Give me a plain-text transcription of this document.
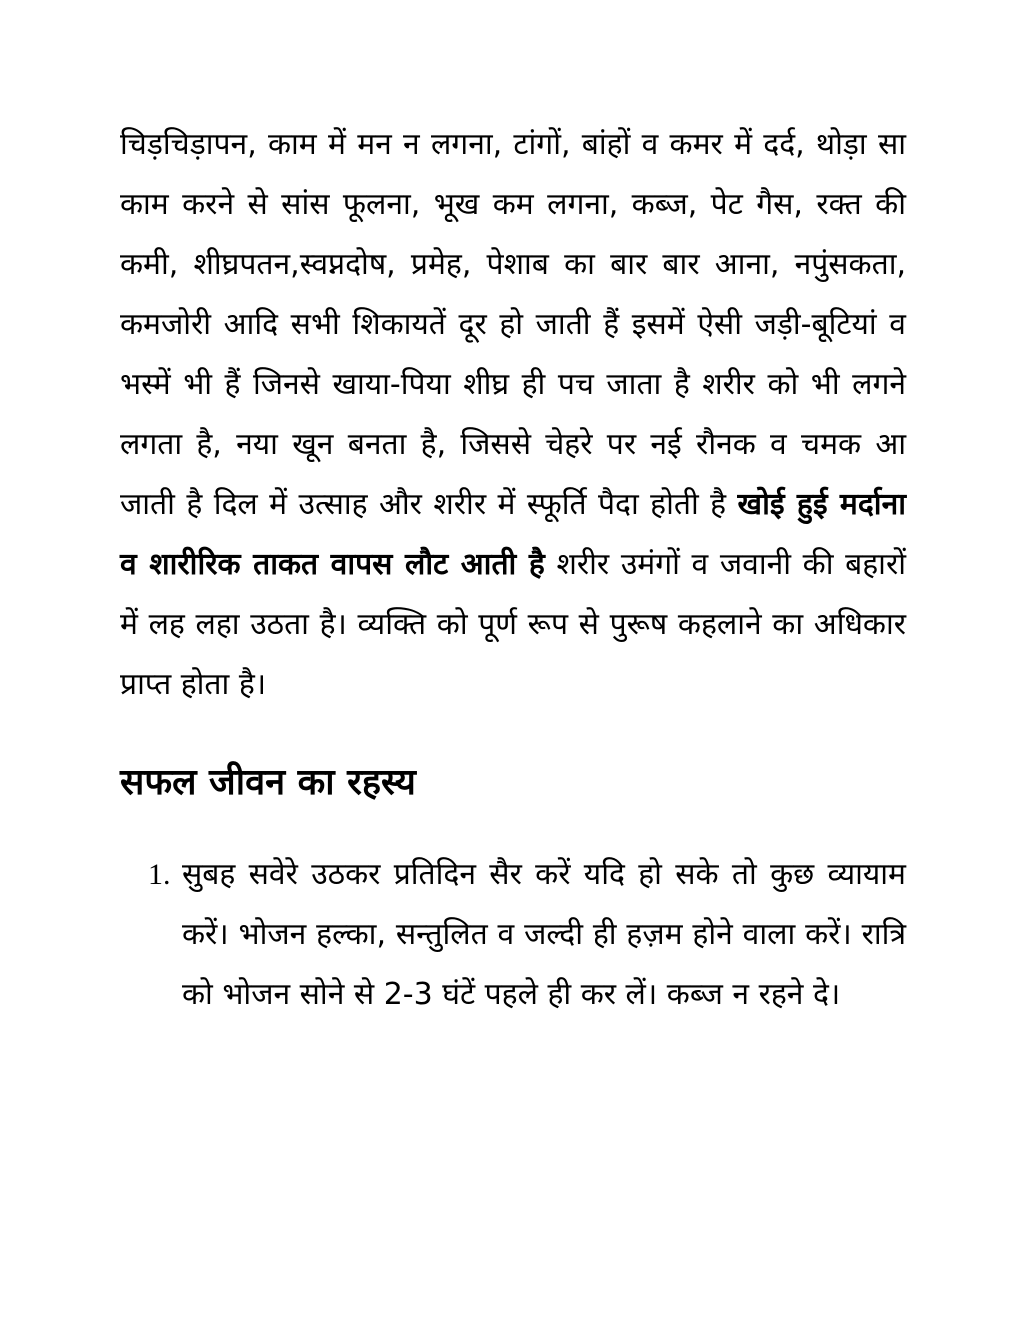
चिड़चिड़ापन, काम में मन न लगना, टांगों, बांहों व कमर में दर्द, थोड़ा सा काम करने से सांस फूलना, भूख कम लगना, कब्ज, पेट गैस, रक्त की कमी, शीघ्रपतन,स्वप्नदोष, प्रमेह, पेशाब का बार बार आना, नपुंसकता, कमजोरी आदि सभी शिकायतें दूर हो जाती हैं इसमें ऐसी जड़ी-बूटियां व भस्में भी हैं जिनसे खाया-पिया शीघ्र ही पच जाता है शरीर को भी लगने लगता है, नया खून बनता है, जिससे चेहरे पर नई रौनक व चमक आ जाती है दिल में उत्साह और शरीर में स्फूर्ति पैदा होती है खोई हुई मर्दाना व शारीरिक ताकत वापस लौट आती है शरीर उमंगों व जवानी की बहारों में लह लहा उठता है। व्यक्ति को पूर्ण रूप से पुरूष कहलाने का अधिकार प्राप्त होता है।

सफल जीवन का रहस्य
1. सुबह सवेरे उठकर प्रतिदिन सैर करें यदि हो सके तो कुछ व्यायाम करें। भोजन हल्का, सन्तुलित व जल्दी ही हज़म होने वाला करें। रात्रि को भोजन सोने से 2-3 घंटें पहले ही कर लें। कब्ज न रहने दे।
